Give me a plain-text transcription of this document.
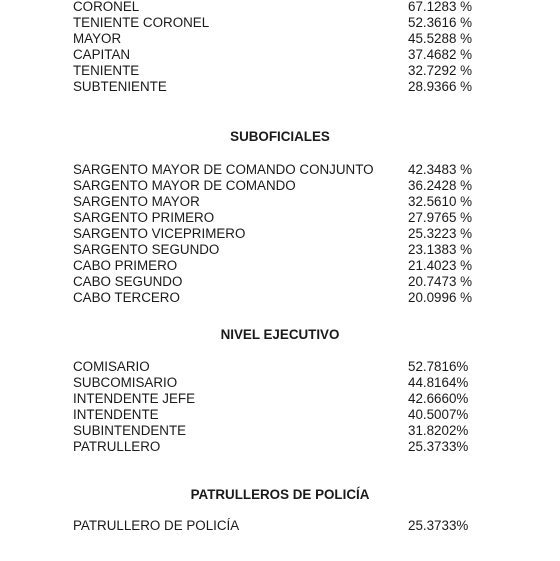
CORONEL	67.1283 %
TENIENTE CORONEL	52.3616 %
MAYOR	45.5288 %
CAPITAN	37.4682 %
TENIENTE	32.7292 %
SUBTENIENTE	28.9366 %
SUBOFICIALES
SARGENTO MAYOR DE COMANDO CONJUNTO	42.3483 %
SARGENTO MAYOR DE COMANDO	36.2428 %
SARGENTO MAYOR	32.5610 %
SARGENTO PRIMERO	27.9765 %
SARGENTO VICEPRIMERO	25.3223 %
SARGENTO SEGUNDO	23.1383 %
CABO PRIMERO	21.4023 %
CABO SEGUNDO	20.7473 %
CABO TERCERO	20.0996 %
NIVEL EJECUTIVO
COMISARIO	52.7816%
SUBCOMISARIO	44.8164%
INTENDENTE JEFE	42.6660%
INTENDENTE	40.5007%
SUBINTENDENTE	31.8202%
PATRULLERO	25.3733%
PATRULLEROS DE POLICÍA
PATRULLERO DE POLICÍA	25.3733%
